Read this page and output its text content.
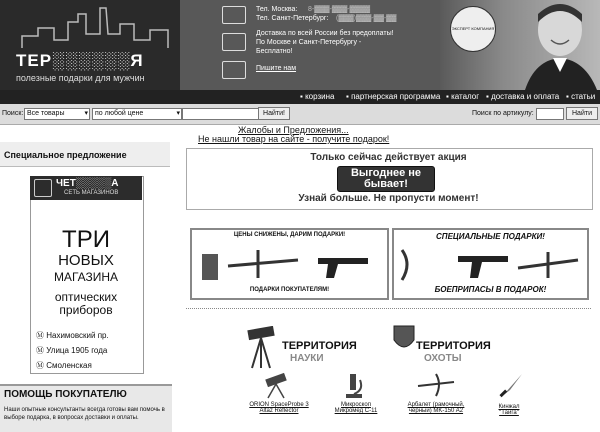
ТЕР░░░░░░Я
полезные подарки для мужчин
Тел. Москва: 8-▓▓▓-▓▓▓-▓▓▓▓
Тел. Санкт-Петербург: (▓▓▓)▓▓▓-▓▓-▓▓
Доставка по всей России без предоплаты!
По Москве и Санкт-Петербургу -
Бесплатно!
Пишите нам
ЭКСПЕРТ КОМПАНИЯ
▪ корзина ▪ партнерская программа ▪ каталог ▪ доставка и оплата ▪ статьи
Поиск: Все товары	▾	по любой цене	▾	Найти!	Поиск по артикулу:	Найти
Жалобы и Предложения...
Не нашли товар на сайте - получите подарок!
Специальное предложение
ЧЕТ░░░░░А
СЕТЬ МАГАЗИНОВ
ТРИ
НОВЫХ
МАГАЗИНА
оптических
приборов
Ⓜ Нахимовский пр.
Ⓜ Улица 1905 года
Ⓜ Смоленская
ПОМОЩЬ ПОКУПАТЕЛЮ
Наши опытные консультанты всегда готовы вам помочь в выборе подарка, в вопросах доставки и оплаты.
Только сейчас действует акция
Выгоднее не бывает!
Узнай больше. Не пропусти момент!
ЦЕНЫ СНИЖЕНЫ, ДАРИМ ПОДАРКИ!
ПОДАРКИ ПОКУПАТЕЛЯМ!
СПЕЦИАЛЬНЫЕ ПОДАРКИ!
БОЕПРИПАСЫ В ПОДАРОК!
ТЕРРИТОРИЯ
НАУКИ
ТЕРРИТОРИЯ
ОХОТЫ
ORION SpaceProbe 3 Altaz Reflector
Микроскоп Микромед С-11
Арбалет (рамочный, черный) MK-150 A2
Кинжал "Тайга"
